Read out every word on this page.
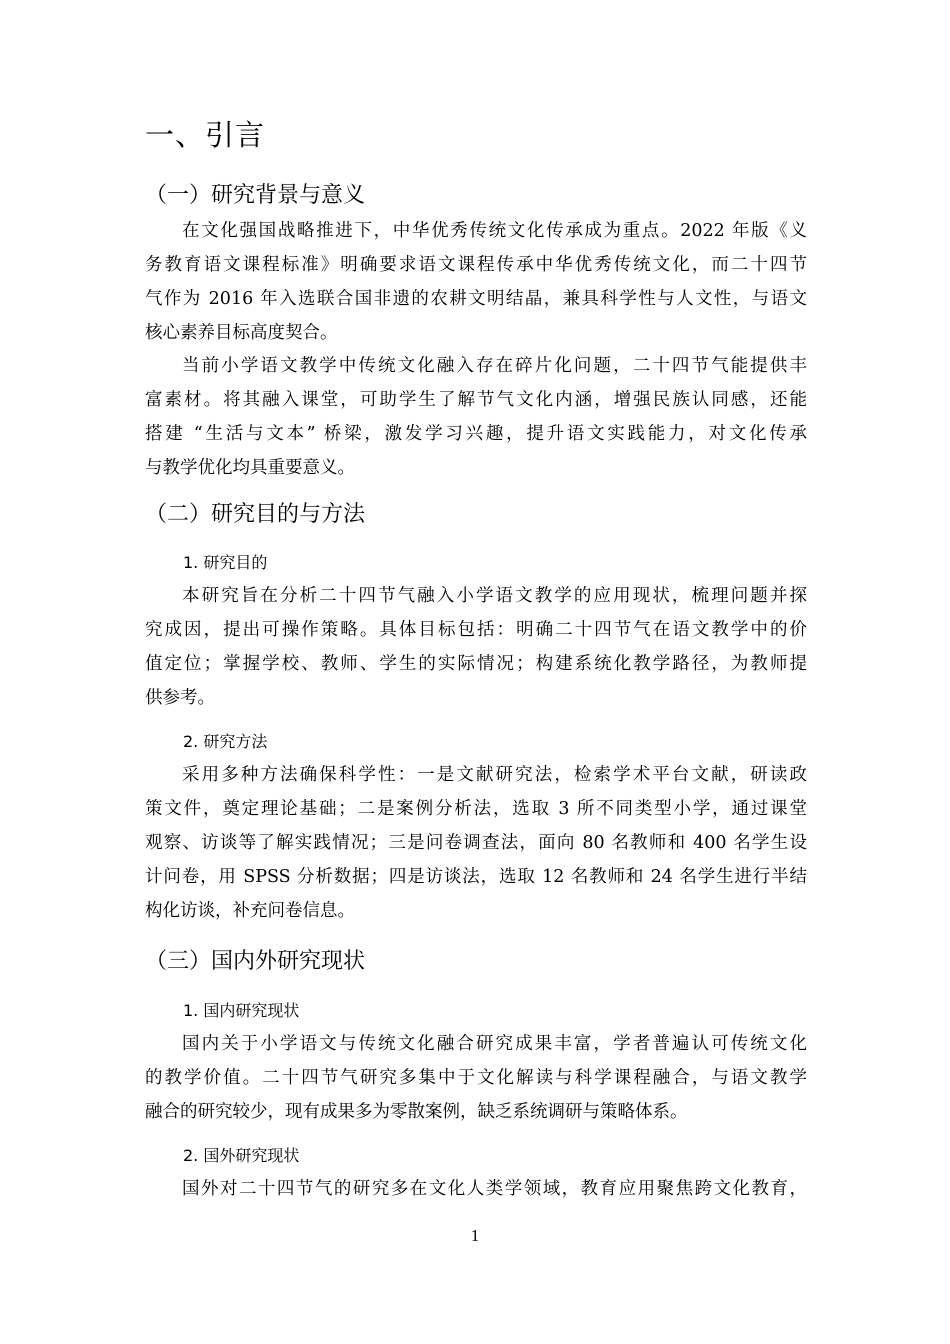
一、引言
（一）研究背景与意义
在文化强国战略推进下，中华优秀传统文化传承成为重点。2022 年版《义
务教育语文课程标准》明确要求语文课程传承中华优秀传统文化，而二十四节
气作为 2016 年入选联合国非遗的农耕文明结晶，兼具科学性与人文性，与语文
核心素养目标高度契合。
当前小学语文教学中传统文化融入存在碎片化问题，二十四节气能提供丰
富素材。将其融入课堂，可助学生了解节气文化内涵，增强民族认同感，还能
搭建 “生活与文本” 桥梁，激发学习兴趣，提升语文实践能力，对文化传承
与教学优化均具重要意义。
（二）研究目的与方法
1. 研究目的
本研究旨在分析二十四节气融入小学语文教学的应用现状，梳理问题并探
究成因，提出可操作策略。具体目标包括：明确二十四节气在语文教学中的价
值定位；掌握学校、教师、学生的实际情况；构建系统化教学路径，为教师提
供参考。
2. 研究方法
采用多种方法确保科学性：一是文献研究法，检索学术平台文献，研读政
策文件，奠定理论基础；二是案例分析法，选取 3 所不同类型小学，通过课堂
观察、访谈等了解实践情况；三是问卷调查法，面向 80 名教师和 400 名学生设
计问卷，用 SPSS 分析数据；四是访谈法，选取 12 名教师和 24 名学生进行半结
构化访谈，补充问卷信息。
（三）国内外研究现状
1. 国内研究现状
国内关于小学语文与传统文化融合研究成果丰富，学者普遍认可传统文化
的教学价值。二十四节气研究多集中于文化解读与科学课程融合，与语文教学
融合的研究较少，现有成果多为零散案例，缺乏系统调研与策略体系。
2. 国外研究现状
国外对二十四节气的研究多在文化人类学领域，教育应用聚焦跨文化教育，
1
